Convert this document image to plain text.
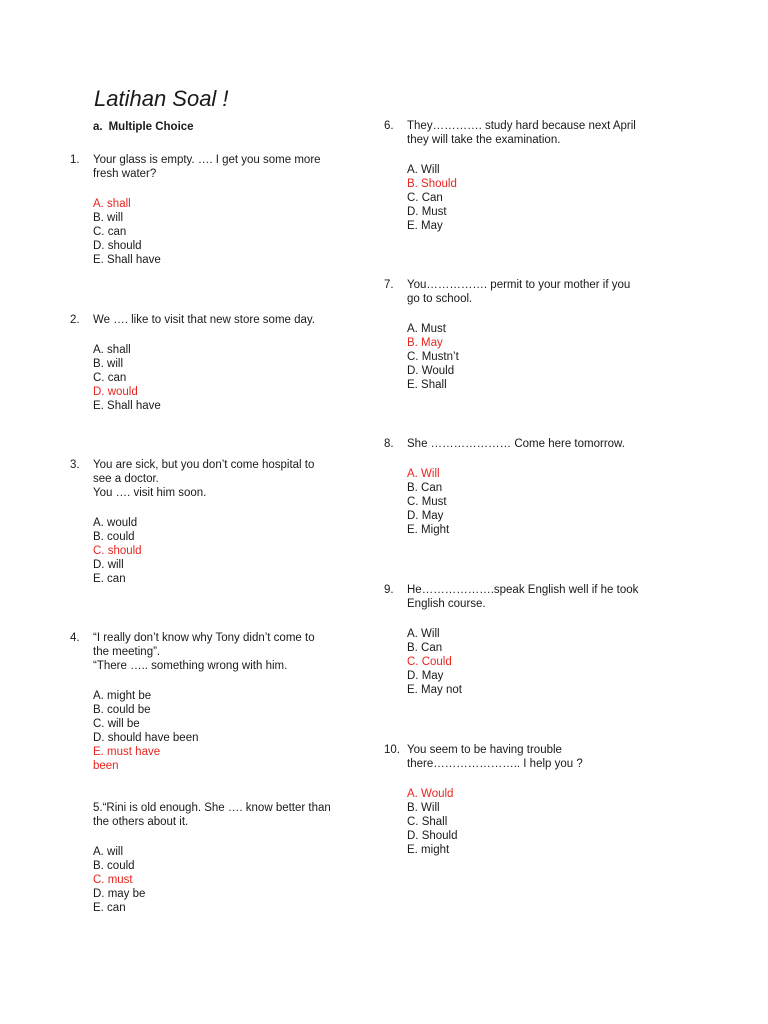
Latihan Soal !
a. Multiple Choice
1. Your glass is empty. …. I get you some more
fresh water?
A. shall
B. will
C. can
D. should
E. Shall have
2. We …. like to visit that new store some day.
A. shall
B. will
C. can
D. would
E. Shall have
3. You are sick, but you don’t come hospital to
see a doctor.
You …. visit him soon.
A. would
B. could
C. should
D. will
E. can
4. “I really don’t know why Tony didn’t come to
the meeting”.
“There ….. something wrong with him.
A. might be
B. could be
C. will be
D. should have been
E. must have
been
5.“Rini is old enough. She …. know better than
the others about it.
A. will
B. could
C. must
D. may be
E. can
6. They…………. study hard because next April
they will take the examination.
A. Will
B. Should
C. Can
D. Must
E. May
7. You……………. permit to your mother if you
go to school.
A. Must
B. May
C. Mustn’t
D. Would
E. Shall
8. She ………………… Come here tomorrow.
A. Will
B. Can
C. Must
D. May
E. Might
9. He……………….speak English well if he took
English course.
A. Will
B. Can
C. Could
D. May
E. May not
10. You seem to be having trouble
there………………….. I help you ?
A. Would
B. Will
C. Shall
D. Should
E. might
